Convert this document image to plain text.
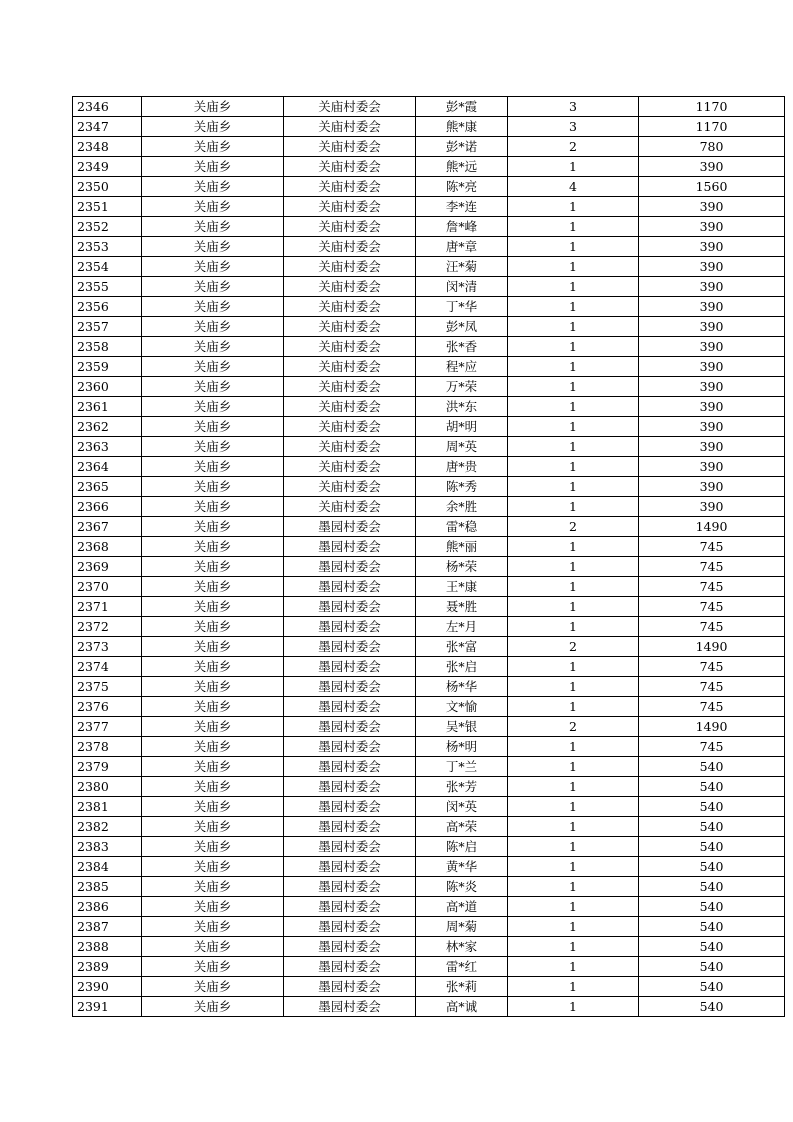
2346	关庙乡	关庙村委会	彭*霞	3	1170
2347	关庙乡	关庙村委会	熊*康	3	1170
2348	关庙乡	关庙村委会	彭*诺	2	780
2349	关庙乡	关庙村委会	熊*远	1	390
2350	关庙乡	关庙村委会	陈*亮	4	1560
2351	关庙乡	关庙村委会	李*连	1	390
2352	关庙乡	关庙村委会	詹*峰	1	390
2353	关庙乡	关庙村委会	唐*章	1	390
2354	关庙乡	关庙村委会	汪*菊	1	390
2355	关庙乡	关庙村委会	闵*清	1	390
2356	关庙乡	关庙村委会	丁*华	1	390
2357	关庙乡	关庙村委会	彭*凤	1	390
2358	关庙乡	关庙村委会	张*香	1	390
2359	关庙乡	关庙村委会	程*应	1	390
2360	关庙乡	关庙村委会	万*荣	1	390
2361	关庙乡	关庙村委会	洪*东	1	390
2362	关庙乡	关庙村委会	胡*明	1	390
2363	关庙乡	关庙村委会	周*英	1	390
2364	关庙乡	关庙村委会	唐*贵	1	390
2365	关庙乡	关庙村委会	陈*秀	1	390
2366	关庙乡	关庙村委会	余*胜	1	390
2367	关庙乡	墨园村委会	雷*稳	2	1490
2368	关庙乡	墨园村委会	熊*丽	1	745
2369	关庙乡	墨园村委会	杨*荣	1	745
2370	关庙乡	墨园村委会	王*康	1	745
2371	关庙乡	墨园村委会	聂*胜	1	745
2372	关庙乡	墨园村委会	左*月	1	745
2373	关庙乡	墨园村委会	张*富	2	1490
2374	关庙乡	墨园村委会	张*启	1	745
2375	关庙乡	墨园村委会	杨*华	1	745
2376	关庙乡	墨园村委会	文*愉	1	745
2377	关庙乡	墨园村委会	吴*银	2	1490
2378	关庙乡	墨园村委会	杨*明	1	745
2379	关庙乡	墨园村委会	丁*兰	1	540
2380	关庙乡	墨园村委会	张*芳	1	540
2381	关庙乡	墨园村委会	闵*英	1	540
2382	关庙乡	墨园村委会	高*荣	1	540
2383	关庙乡	墨园村委会	陈*启	1	540
2384	关庙乡	墨园村委会	黄*华	1	540
2385	关庙乡	墨园村委会	陈*炎	1	540
2386	关庙乡	墨园村委会	高*道	1	540
2387	关庙乡	墨园村委会	周*菊	1	540
2388	关庙乡	墨园村委会	林*家	1	540
2389	关庙乡	墨园村委会	雷*红	1	540
2390	关庙乡	墨园村委会	张*莉	1	540
2391	关庙乡	墨园村委会	高*诚	1	540
